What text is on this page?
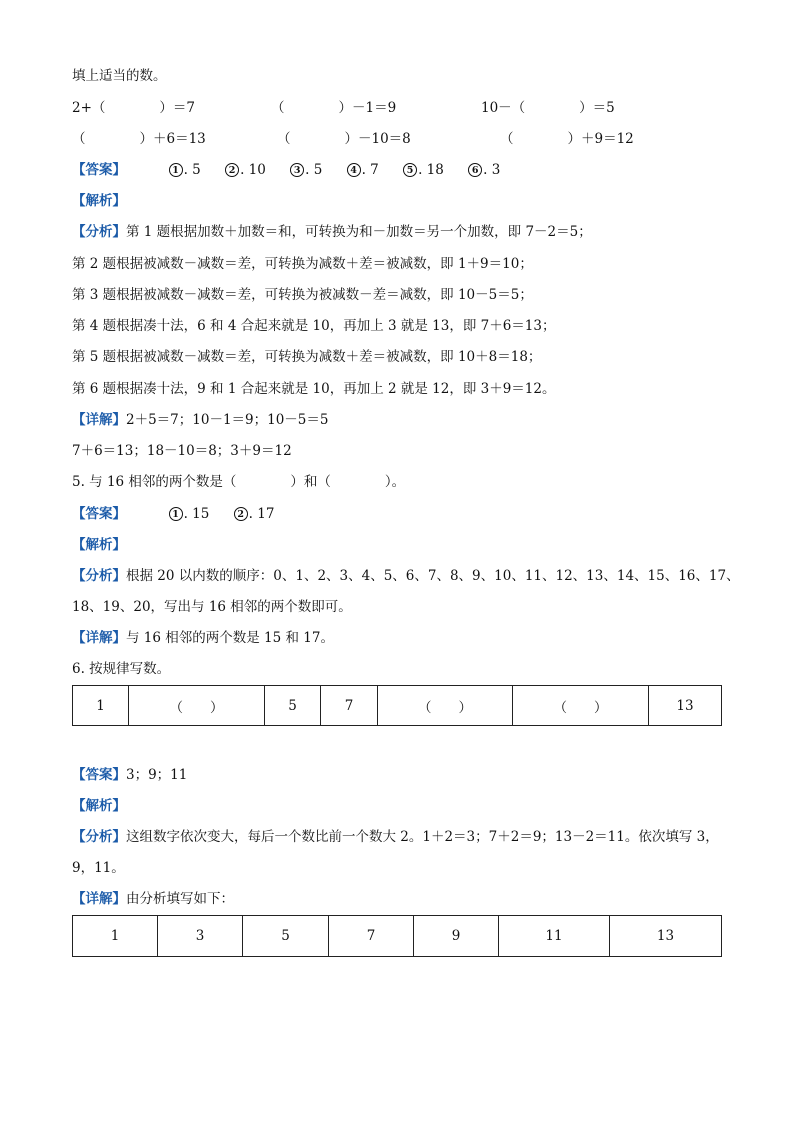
填上适当的数。
2+（　　　　）＝7	（　　　　）－1＝9	10－（　　　　）＝5
（　　　　）＋6＝13	（　　　　）－10＝8	（　　　　）＋9＝12
【答案】	1 . 5	2 . 10	3 . 5	4 . 7	5 . 18	6 . 3
【解析】
【分析】第 1 题根据加数＋加数＝和，可转换为和－加数＝另一个加数，即 7－2＝5；
第 2 题根据被减数－减数＝差，可转换为减数＋差＝被减数，即 1＋9＝10；
第 3 题根据被减数－减数＝差，可转换为被减数－差＝减数，即 10－5＝5；
第 4 题根据凑十法，6 和 4 合起来就是 10，再加上 3 就是 13，即 7＋6＝13；
第 5 题根据被减数－减数＝差，可转换为减数＋差＝被减数，即 10＋8＝18；
第 6 题根据凑十法，9 和 1 合起来就是 10，再加上 2 就是 12，即 3＋9＝12。
【详解】2＋5＝7；10－1＝9；10－5＝5
7＋6＝13；18－10＝8；3＋9＝12
5. 与 16 相邻的两个数是（　　　　）和（　　　　）。
【答案】	1 . 15	2 . 17
【解析】
【分析】根据 20 以内数的顺序：0、1、2、3、4、5、6、7、8、9、10、11、12、13、14、15、16、17、
18、19、20，写出与 16 相邻的两个数即可。
【详解】与 16 相邻的两个数是 15 和 17。
6. 按规律写数。
1	（　　）	5	7	（　　）	（　　）	13
【答案】3；9；11
【解析】
【分析】这组数字依次变大，每后一个数比前一个数大 2。1＋2＝3；7＋2＝9；13－2＝11。依次填写 3，
9，11。
【详解】由分析填写如下：
1	3	5	7	9	11	13
